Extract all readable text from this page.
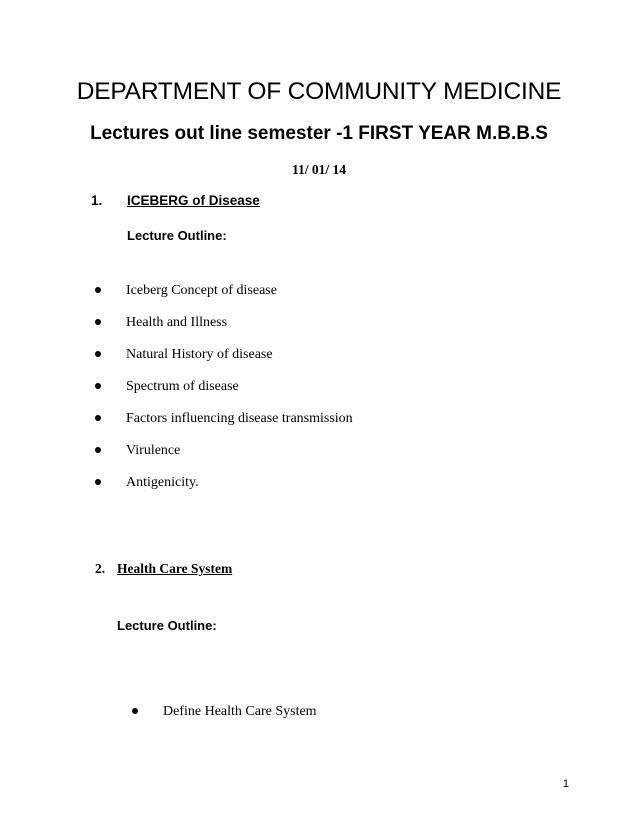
DEPARTMENT OF COMMUNITY MEDICINE
Lectures out line semester -1 FIRST YEAR M.B.B.S
11/ 01/ 14
1. ICEBERG of Disease
Lecture Outline:
Iceberg Concept of disease
Health and Illness
Natural History of disease
Spectrum of disease
Factors influencing disease transmission
Virulence
Antigenicity.
2. Health Care System
Lecture Outline:
Define Health Care System
1
